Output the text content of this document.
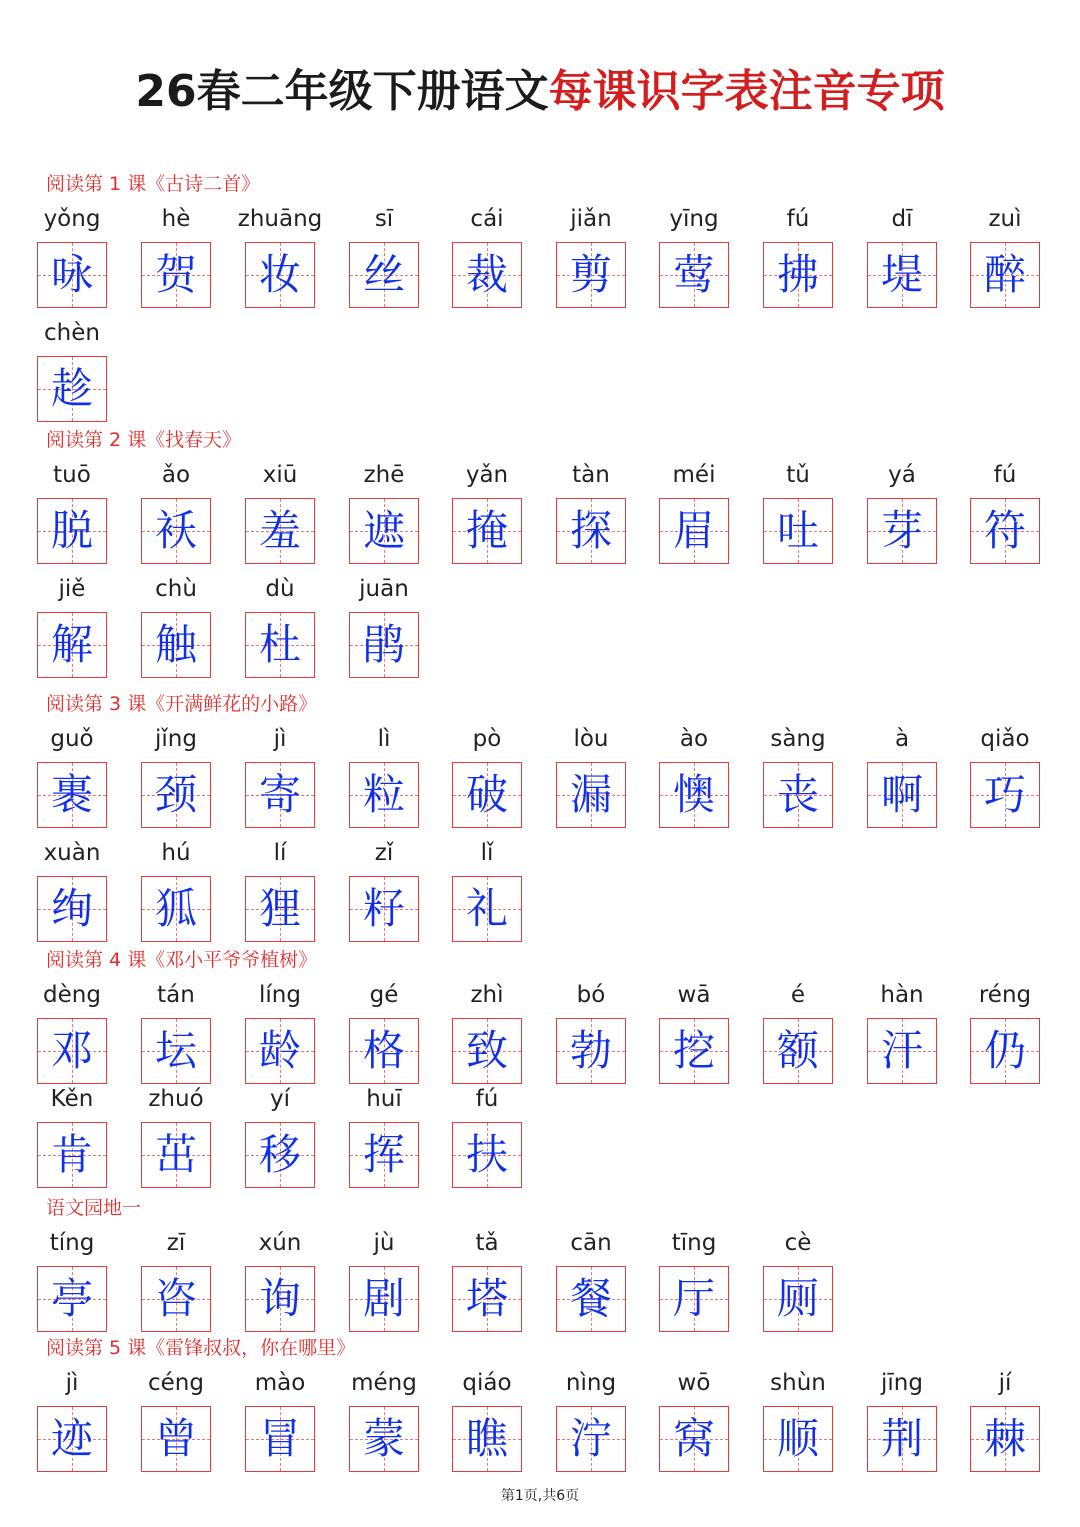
26春二年级下册语文每课识字表注音专项
阅读第 1 课《古诗二首》
yǒng
咏
hè
贺
zhuāng
妆
sī
丝
cái
裁
jiǎn
剪
yīng
莺
fú
拂
dī
堤
zuì
醉
chèn
趁
阅读第 2 课《找春天》
tuō
脱
ǎo
袄
xiū
羞
zhē
遮
yǎn
掩
tàn
探
méi
眉
tǔ
吐
yá
芽
fú
符
jiě
解
chù
触
dù
杜
juān
鹃
阅读第 3 课《开满鲜花的小路》
guǒ
裹
jǐng
颈
jì
寄
lì
粒
pò
破
lòu
漏
ào
懊
sàng
丧
à
啊
qiǎo
巧
xuàn
绚
hú
狐
lí
狸
zǐ
籽
lǐ
礼
阅读第 4 课《邓小平爷爷植树》
dèng
邓
tán
坛
líng
龄
gé
格
zhì
致
bó
勃
wā
挖
é
额
hàn
汗
réng
仍
Kěn
肯
zhuó
茁
yí
移
huī
挥
fú
扶
语文园地一
tíng
亭
zī
咨
xún
询
jù
剧
tǎ
塔
cān
餐
tīng
厅
cè
厕
阅读第 5 课《雷锋叔叔，你在哪里》
jì
迹
céng
曾
mào
冒
méng
蒙
qiáo
瞧
nìng
泞
wō
窝
shùn
顺
jīng
荆
jí
棘
第1页,共6页
